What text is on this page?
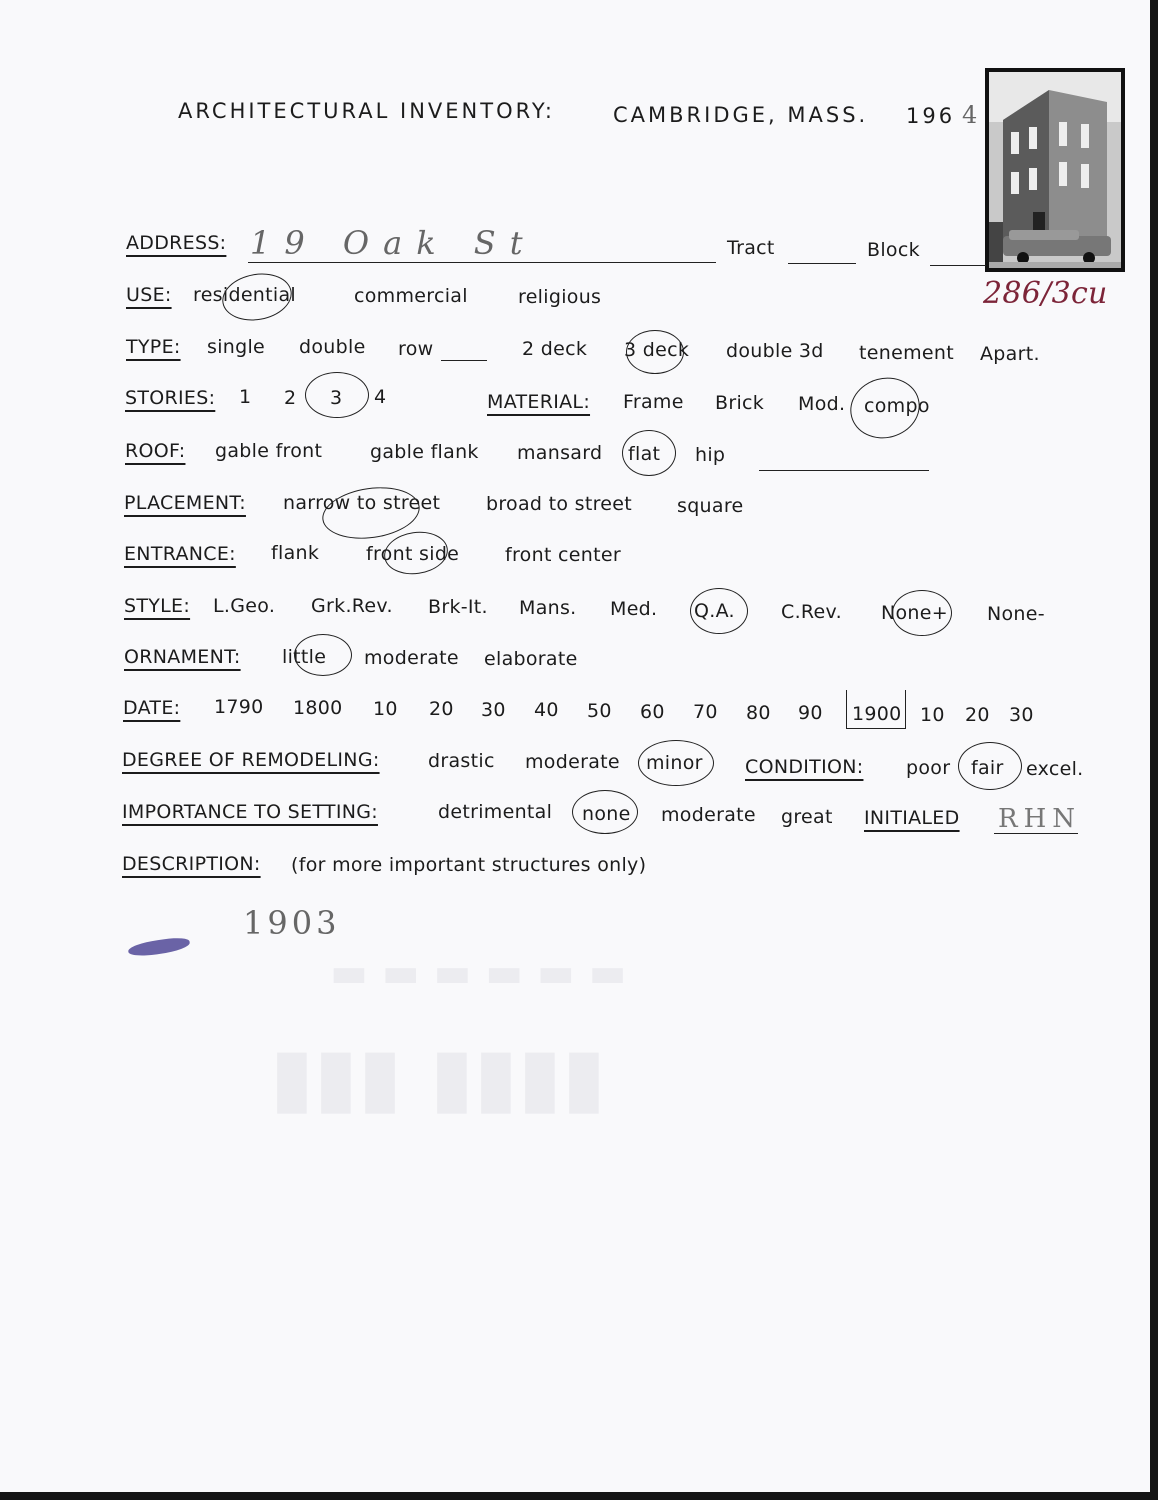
▬ ▬ ▬ ▬ ▬ ▬
▮▮▮▮ ▮▮▮
ARCHITECTURAL INVENTORY:	CAMBRIDGE, MASS. 196 4
286/3cu
ADDRESS: 19 Oak St	Tract	Block
USE: residential	commercial	religious
TYPE: single double row	2 deck 3 deck double 3d tenement Apart.
STORIES: 1 2 3 4	MATERIAL: Frame Brick Mod. compo
ROOF: gable front	gable flank mansard flat hip
PLACEMENT: narrow to street broad to street square
ENTRANCE: flank front side front center
STYLE: L.Geo. Grk.Rev. Brk-It. Mans. Med. Q.A. C.Rev. None+ None-
ORNAMENT: little moderate elaborate
DATE: 1790 1800 10 20 30 40 50 60 70 80 90 1900 10 20 30
DEGREE OF REMODELING:	drastic moderate minor CONDITION: poor fair excel.
IMPORTANCE TO SETTING:	detrimental none moderate great INITIALED RHN
DESCRIPTION: (for more important structures only)
1903
